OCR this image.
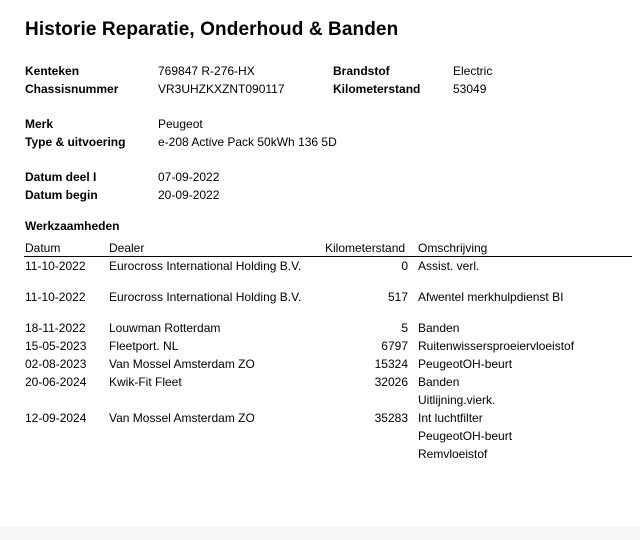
Historie Reparatie, Onderhoud & Banden
Kenteken	769847 R-276-HX	Brandstof	Electric
Chassisnummer	VR3UHZKXZNT090117	Kilometerstand	53049
Merk	Peugeot
Type & uitvoering	e-208 Active Pack 50kWh 136 5D
Datum deel I	07-09-2022
Datum begin	20-09-2022
Werkzaamheden
Datum	Dealer	Kilometerstand Omschrijving
11-10-2022 Eurocross International Holding B.V.	0 Assist. verl.
11-10-2022 Eurocross International Holding B.V.	517 Afwentel merkhulpdienst BI
18-11-2022 Louwman Rotterdam	5 Banden
15-05-2023 Fleetport. NL	6797 Ruitenwissersproeiervloeistof
02-08-2023 Van Mossel Amsterdam ZO	15324 PeugeotOH-beurt
20-06-2024 Kwik-Fit Fleet	32026 Banden
Uitlijning.vierk.
12-09-2024 Van Mossel Amsterdam ZO	35283 Int luchtfilter
PeugeotOH-beurt
Remvloeistof
